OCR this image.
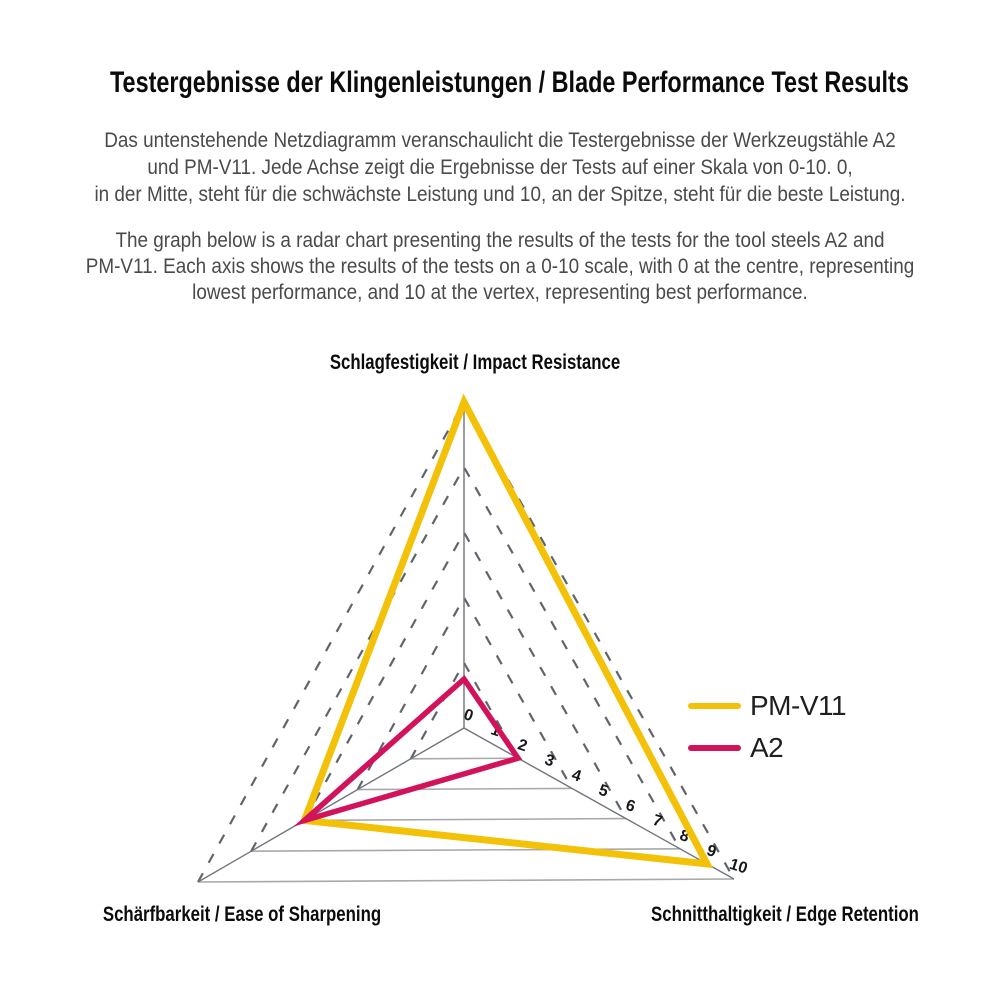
Testergebnisse der Klingenleistungen / Blade Performance Test Results
Das untenstehende Netzdiagramm veranschaulicht die Testergebnisse der Werkzeugstähle A2
und PM-V11. Jede Achse zeigt die Ergebnisse der Tests auf einer Skala von 0-10. 0,
in der Mitte, steht für die schwächste Leistung und 10, an der Spitze, steht für die beste Leistung.
The graph below is a radar chart presenting the results of the tests for the tool steels A2 and
PM-V11. Each axis shows the results of the tests on a 0-10 scale, with 0 at the centre, representing
lowest performance, and 10 at the vertex, representing best performance.
0
1
2
3
4
5
6
7
8
9
10
Schlagfestigkeit / Impact Resistance
Schärfbarkeit / Ease of Sharpening	Schnitthaltigkeit / Edge Retention
PM-V11
A2
